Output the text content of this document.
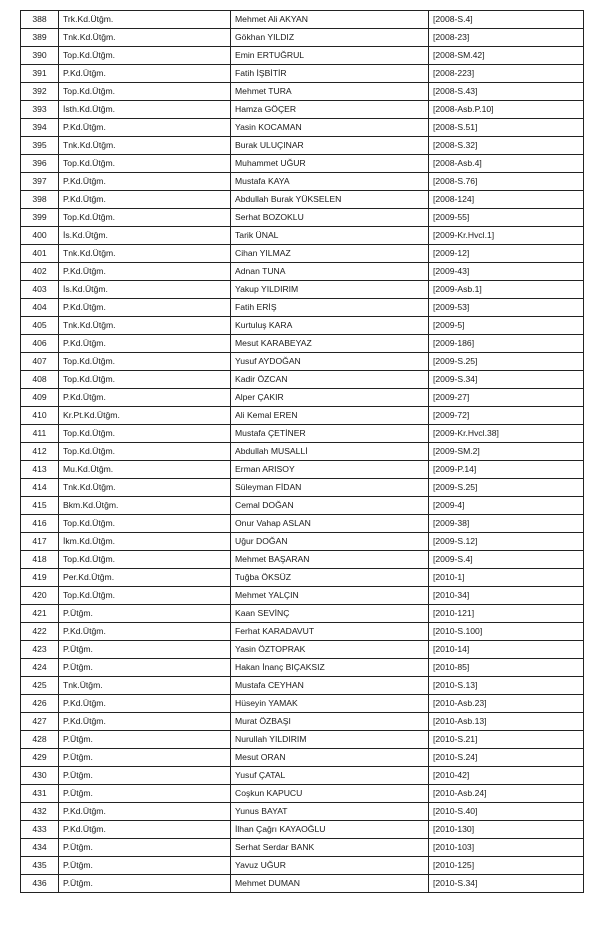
388	Trk.Kd.Ütğm.	Mehmet Ali AKYAN	[2008-S.4]
389	Tnk.Kd.Ütğm.	Gökhan YILDIZ	[2008-23]
390	Top.Kd.Ütğm.	Emin ERTUĞRUL	[2008-SM.42]
391	P.Kd.Ütğm.	Fatih İŞBİTİR	[2008-223]
392	Top.Kd.Ütğm.	Mehmet TURA	[2008-S.43]
393	İsth.Kd.Ütğm.	Hamza GÖÇER	[2008-Asb.P.10]
394	P.Kd.Ütğm.	Yasin KOCAMAN	[2008-S.51]
395	Tnk.Kd.Ütğm.	Burak ULUÇINAR	[2008-S.32]
396	Top.Kd.Ütğm.	Muhammet UĞUR	[2008-Asb.4]
397	P.Kd.Ütğm.	Mustafa KAYA	[2008-S.76]
398	P.Kd.Ütğm.	Abdullah Burak YÜKSELEN	[2008-124]
399	Top.Kd.Ütğm.	Serhat BOZOKLU	[2009-55]
400	İs.Kd.Ütğm.	Tarik ÜNAL	[2009-Kr.Hvcl.1]
401	Tnk.Kd.Ütğm.	Cihan YILMAZ	[2009-12]
402	P.Kd.Ütğm.	Adnan TUNA	[2009-43]
403	İs.Kd.Ütğm.	Yakup YILDIRIM	[2009-Asb.1]
404	P.Kd.Ütğm.	Fatih ERİŞ	[2009-53]
405	Tnk.Kd.Ütğm.	Kurtuluş KARA	[2009-5]
406	P.Kd.Ütğm.	Mesut KARABEYAZ	[2009-186]
407	Top.Kd.Ütğm.	Yusuf AYDOĞAN	[2009-S.25]
408	Top.Kd.Ütğm.	Kadir ÖZCAN	[2009-S.34]
409	P.Kd.Ütğm.	Alper ÇAKIR	[2009-27]
410	Kr.Pt.Kd.Ütğm.	Ali Kemal EREN	[2009-72]
411	Top.Kd.Ütğm.	Mustafa ÇETİNER	[2009-Kr.Hvcl.38]
412	Top.Kd.Ütğm.	Abdullah MUSALLİ	[2009-SM.2]
413	Mu.Kd.Ütğm.	Erman ARISOY	[2009-P.14]
414	Tnk.Kd.Ütğm.	Süleyman FİDAN	[2009-S.25]
415	Bkm.Kd.Ütğm.	Cemal DOĞAN	[2009-4]
416	Top.Kd.Ütğm.	Onur Vahap ASLAN	[2009-38]
417	İkm.Kd.Ütğm.	Uğur DOĞAN	[2009-S.12]
418	Top.Kd.Ütğm.	Mehmet BAŞARAN	[2009-S.4]
419	Per.Kd.Ütğm.	Tuğba ÖKSÜZ	[2010-1]
420	Top.Kd.Ütğm.	Mehmet YALÇIN	[2010-34]
421	P.Ütğm.	Kaan SEVİNÇ	[2010-121]
422	P.Kd.Ütğm.	Ferhat KARADAVUT	[2010-S.100]
423	P.Ütğm.	Yasin ÖZTOPRAK	[2010-14]
424	P.Ütğm.	Hakan İnanç BIÇAKSIZ	[2010-85]
425	Tnk.Ütğm.	Mustafa CEYHAN	[2010-S.13]
426	P.Kd.Ütğm.	Hüseyin YAMAK	[2010-Asb.23]
427	P.Kd.Ütğm.	Murat ÖZBAŞI	[2010-Asb.13]
428	P.Ütğm.	Nurullah YILDIRIM	[2010-S.21]
429	P.Ütğm.	Mesut ORAN	[2010-S.24]
430	P.Ütğm.	Yusuf ÇATAL	[2010-42]
431	P.Ütğm.	Coşkun KAPUCU	[2010-Asb.24]
432	P.Kd.Ütğm.	Yunus BAYAT	[2010-S.40]
433	P.Kd.Ütğm.	İlhan Çağrı KAYAOĞLU	[2010-130]
434	P.Ütğm.	Serhat Serdar BANK	[2010-103]
435	P.Ütğm.	Yavuz UĞUR	[2010-125]
436	P.Ütğm.	Mehmet DUMAN	[2010-S.34]
